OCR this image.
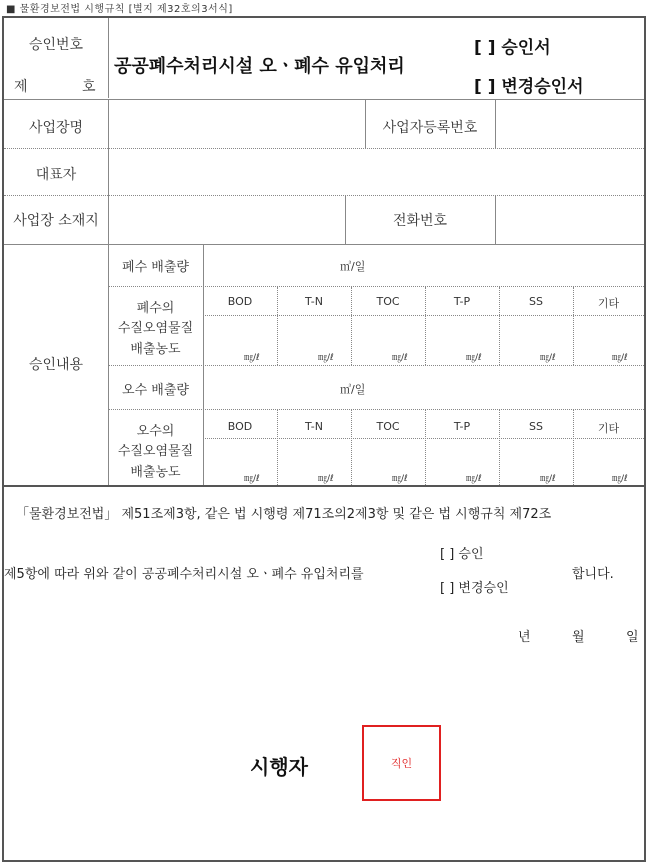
■ 물환경보전법 시행규칙 [별지 제32호의3서식]
승인번호
제	호
공공폐수처리시설 오ㆍ폐수 유입처리
[ ] 승인서
[ ] 변경승인서
사업장명	사업자등록번호
대표자
사업장 소재지	전화번호
승인내용
폐수 배출량	㎥/일
폐수의
수질오염물질
배출농도
BOD	T-N	TOC	T-P	SS	기타
㎎/ℓ	㎎/ℓ	㎎/ℓ	㎎/ℓ	㎎/ℓ	㎎/ℓ
오수 배출량	㎥/일
오수의
수질오염물질
배출농도
BOD	T-N	TOC	T-P	SS	기타
㎎/ℓ	㎎/ℓ	㎎/ℓ	㎎/ℓ	㎎/ℓ	㎎/ℓ
「물환경보전법」 제51조제3항, 같은 법 시행령 제71조의2제3항 및 같은 법 시행규칙 제72조
제5항에 따라 위와 같이 공공폐수처리시설 오ㆍ폐수 유입처리를
[ ] 승인
[ ] 변경승인
합니다.
년	월	일
시행자	직인
